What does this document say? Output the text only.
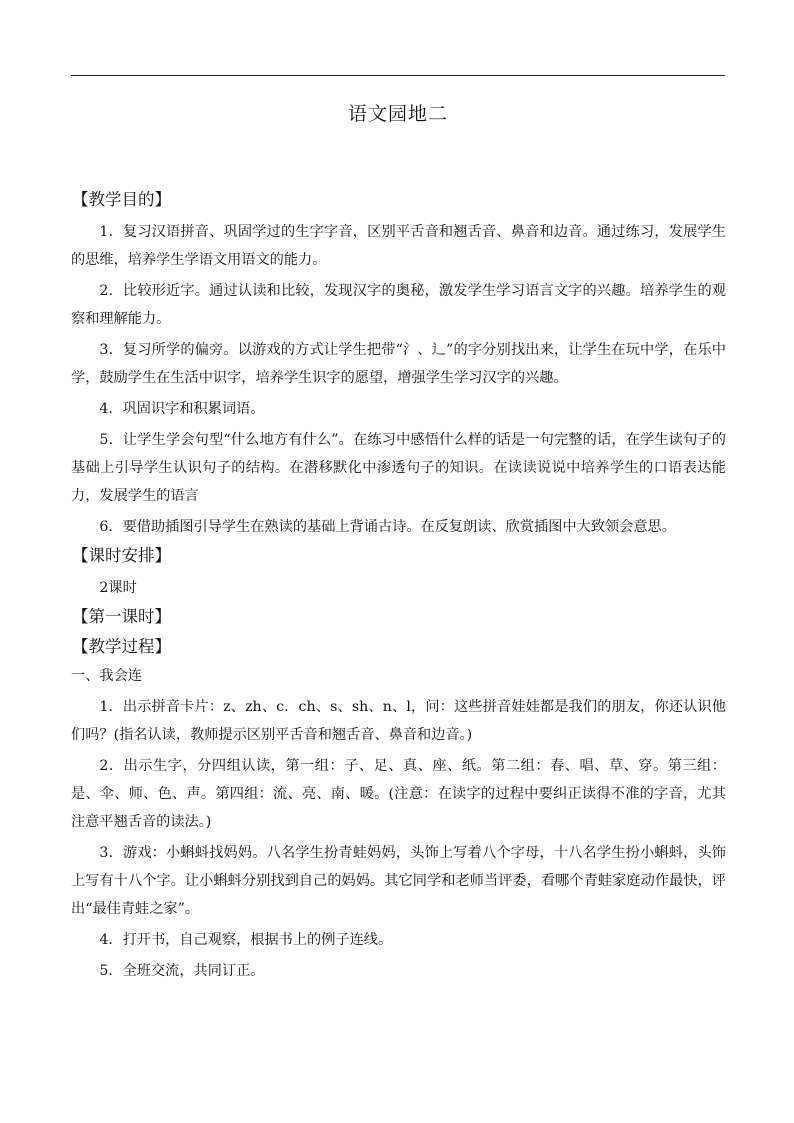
语文园地二
【教学目的】

1．复习汉语拼音、巩固学过的生字字音，区别平舌音和翘舌音、鼻音和边音。通过练习，发展学生的思维，培养学生学语文用语文的能力。

2．比较形近字。通过认读和比较，发现汉字的奥秘，激发学生学习语言文字的兴趣。培养学生的观察和理解能力。

3．复习所学的偏旁。以游戏的方式让学生把带“氵、辶”的字分别找出来，让学生在玩中学，在乐中学，鼓励学生在生活中识字，培养学生识字的愿望，增强学生学习汉字的兴趣。

4．巩固识字和积累词语。

5．让学生学会句型“什么地方有什么”。在练习中感悟什么样的话是一句完整的话，在学生读句子的基础上引导学生认识句子的结构。在潜移默化中渗透句子的知识。在读读说说中培养学生的口语表达能力，发展学生的语言

6．要借助插图引导学生在熟读的基础上背诵古诗。在反复朗读、欣赏插图中大致领会意思。

【课时安排】

2课时

【第一课时】
【教学过程】

一、我会连

1．出示拼音卡片：z、zh、c．ch、s、sh、n、l，问：这些拼音娃娃都是我们的朋友，你还认识他们吗？(指名认读，教师提示区别平舌音和翘舌音、鼻音和边音。)

2．出示生字，分四组认读，第一组：子、足、真、座、纸。第二组：春、唱、草、穿。第三组：是、伞、师、色、声。第四组：流、亮、南、暖。(注意：在读字的过程中要纠正读得不准的字音，尤其注意平翘舌音的读法。)

3．游戏：小蝌蚪找妈妈。八名学生扮青蛙妈妈，头饰上写着八个字母，十八名学生扮小蝌蚪，头饰上写有十八个字。让小蝌蚪分别找到自己的妈妈。其它同学和老师当评委，看哪个青蛙家庭动作最快，评出“最佳青蛙之家”。

4．打开书，自己观察，根据书上的例子连线。

5．全班交流，共同订正。
